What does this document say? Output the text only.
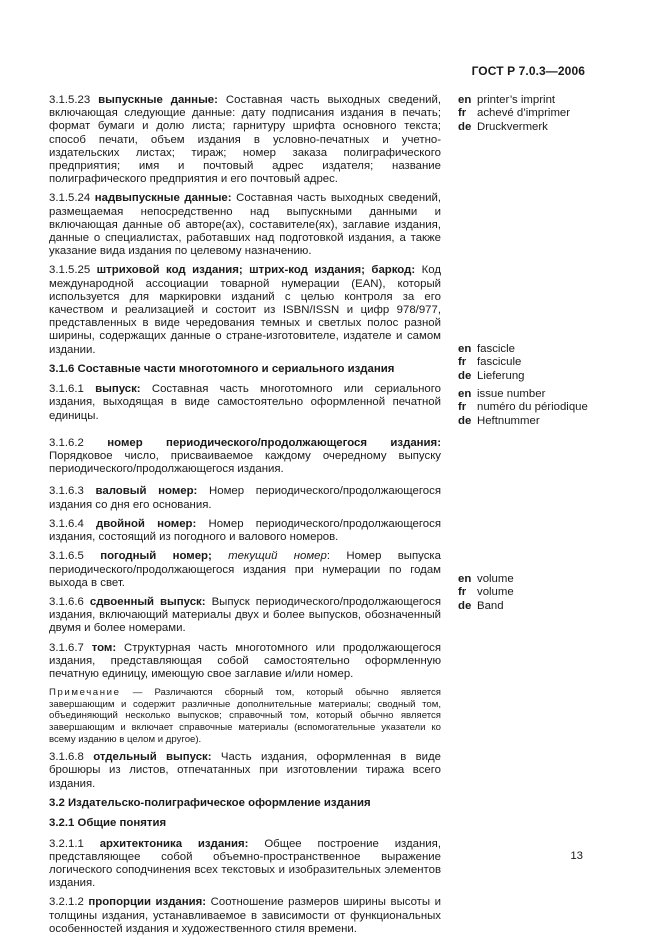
ГОСТ Р 7.0.3—2006
3.1.5.23 выпускные данные: Составная часть выходных сведений, включающая следующие данные: дату подписания издания в печать; формат бумаги и долю листа; гарнитуру шрифта основного текста; способ печати, объем издания в условно-печатных и учетно-издательских листах; тираж; номер заказа полиграфического предприятия; имя и почтовый адрес издателя; название полиграфического предприятия и его почтовый адрес.
3.1.5.24 надвыпускные данные: Составная часть выходных сведений, размещаемая непосредственно над выпускными данными и включающая данные об авторе(ах), составителе(ях), заглавие издания, данные о специалистах, работавших над подготовкой издания, а также указание вида издания по целевому назначению.
3.1.5.25 штриховой код издания; штрих-код издания; баркод: Код международной ассоциации товарной нумерации (EAN), который используется для маркировки изданий с целью контроля за его качеством и реализацией и состоит из ISBN/ISSN и цифр 978/977, представленных в виде чередования темных и светлых полос разной ширины, содержащих данные о стране-изготовителе, издателе и самом издании.
3.1.6 Составные части многотомного и сериального издания
3.1.6.1 выпуск: Составная часть многотомного или сериального издания, выходящая в виде самостоятельно оформленной печатной единицы.
3.1.6.2 номер периодического/продолжающегося издания: Порядковое число, присваиваемое каждому очередному выпуску периодического/продолжающегося издания.
3.1.6.3 валовый номер: Номер периодического/продолжающегося издания со дня его основания.
3.1.6.4 двойной номер: Номер периодического/продолжающегося издания, состоящий из погодного и валового номеров.
3.1.6.5 погодный номер; текущий номер: Номер выпуска периодического/продолжающегося издания при нумерации по годам выхода в свет.
3.1.6.6 сдвоенный выпуск: Выпуск периодического/продолжающегося издания, включающий материалы двух и более выпусков, обозначенный двумя и более номерами.
3.1.6.7 том: Структурная часть многотомного или продолжающегося издания, представляющая собой самостоятельно оформленную печатную единицу, имеющую свое заглавие и/или номер.
Примечание — Различаются сборный том, который обычно является завершающим и содержит различные дополнительные материалы; сводный том, объединяющий несколько выпусков; справочный том, который обычно является завершающим и включает справочные материалы (вспомогательные указатели ко всему изданию в целом и другое).
3.1.6.8 отдельный выпуск: Часть издания, оформленная в виде брошюры из листов, отпечатанных при изготовлении тиража всего издания.
3.2 Издательско-полиграфическое оформление издания
3.2.1 Общие понятия
3.2.1.1 архитектоника издания: Общее построение издания, представляющее собой объемно-пространственное выражение логического соподчинения всех текстовых и изобразительных элементов издания.
3.2.1.2 пропорции издания: Соотношение размеров ширины высоты и толщины издания, устанавливаемое в зависимости от функциональных особенностей издания и художественного стиля времени.
en printer’s imprint
fr achevé d’imprimer
de Druckvermerk
en fascicle
fr fascicule
de Lieferung
en issue number
fr numéro du périodique
de Heftnummer
en volume
fr volume
de Band
13
